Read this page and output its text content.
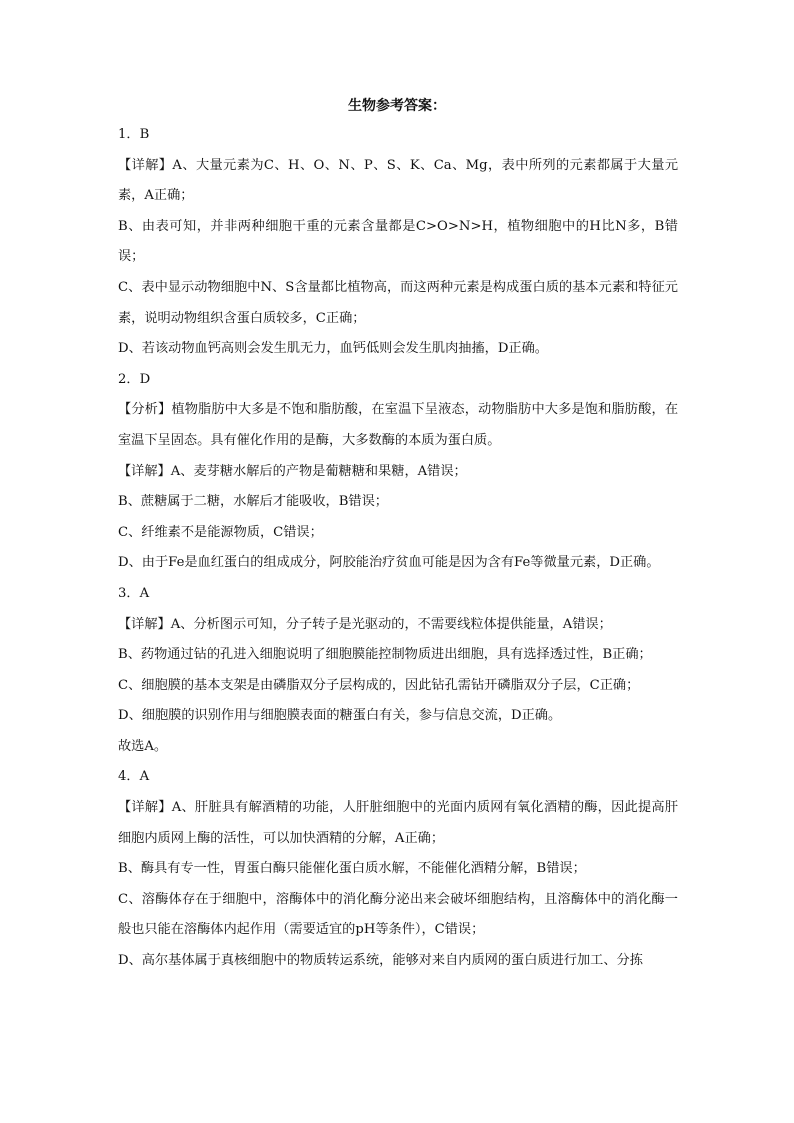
生物参考答案：

1．B

【详解】A、大量元素为C、H、O、N、P、S、K、Ca、Mg，表中所列的元素都属于大量元素，A正确；

B、由表可知，并非两种细胞干重的元素含量都是C>O>N>H，植物细胞中的H比N多，B错误；

C、表中显示动物细胞中N、S含量都比植物高，而这两种元素是构成蛋白质的基本元素和特征元素，说明动物组织含蛋白质较多，C正确；

D、若该动物血钙高则会发生肌无力，血钙低则会发生肌肉抽搐，D正确。

2．D

【分析】植物脂肪中大多是不饱和脂肪酸，在室温下呈液态，动物脂肪中大多是饱和脂肪酸，在室温下呈固态。具有催化作用的是酶，大多数酶的本质为蛋白质。

【详解】A、麦芽糖水解后的产物是葡糖糖和果糖，A错误；

B、蔗糖属于二糖，水解后才能吸收，B错误；

C、纤维素不是能源物质，C错误；

D、由于Fe是血红蛋白的组成成分，阿胶能治疗贫血可能是因为含有Fe等微量元素，D正确。

3．A

【详解】A、分析图示可知，分子转子是光驱动的，不需要线粒体提供能量，A错误；

B、药物通过钻的孔进入细胞说明了细胞膜能控制物质进出细胞，具有选择透过性，B正确；

C、细胞膜的基本支架是由磷脂双分子层构成的，因此钻孔需钻开磷脂双分子层，C正确；

D、细胞膜的识别作用与细胞膜表面的糖蛋白有关，参与信息交流，D正确。

故选A。

4．A

【详解】A、肝脏具有解酒精的功能，人肝脏细胞中的光面内质网有氧化酒精的酶，因此提高肝细胞内质网上酶的活性，可以加快酒精的分解，A正确；

B、酶具有专一性，胃蛋白酶只能催化蛋白质水解，不能催化酒精分解，B错误；

C、溶酶体存在于细胞中，溶酶体中的消化酶分泌出来会破坏细胞结构，且溶酶体中的消化酶一般也只能在溶酶体内起作用（需要适宜的pH等条件），C错误；

D、高尔基体属于真核细胞中的物质转运系统，能够对来自内质网的蛋白质进行加工、分拣
